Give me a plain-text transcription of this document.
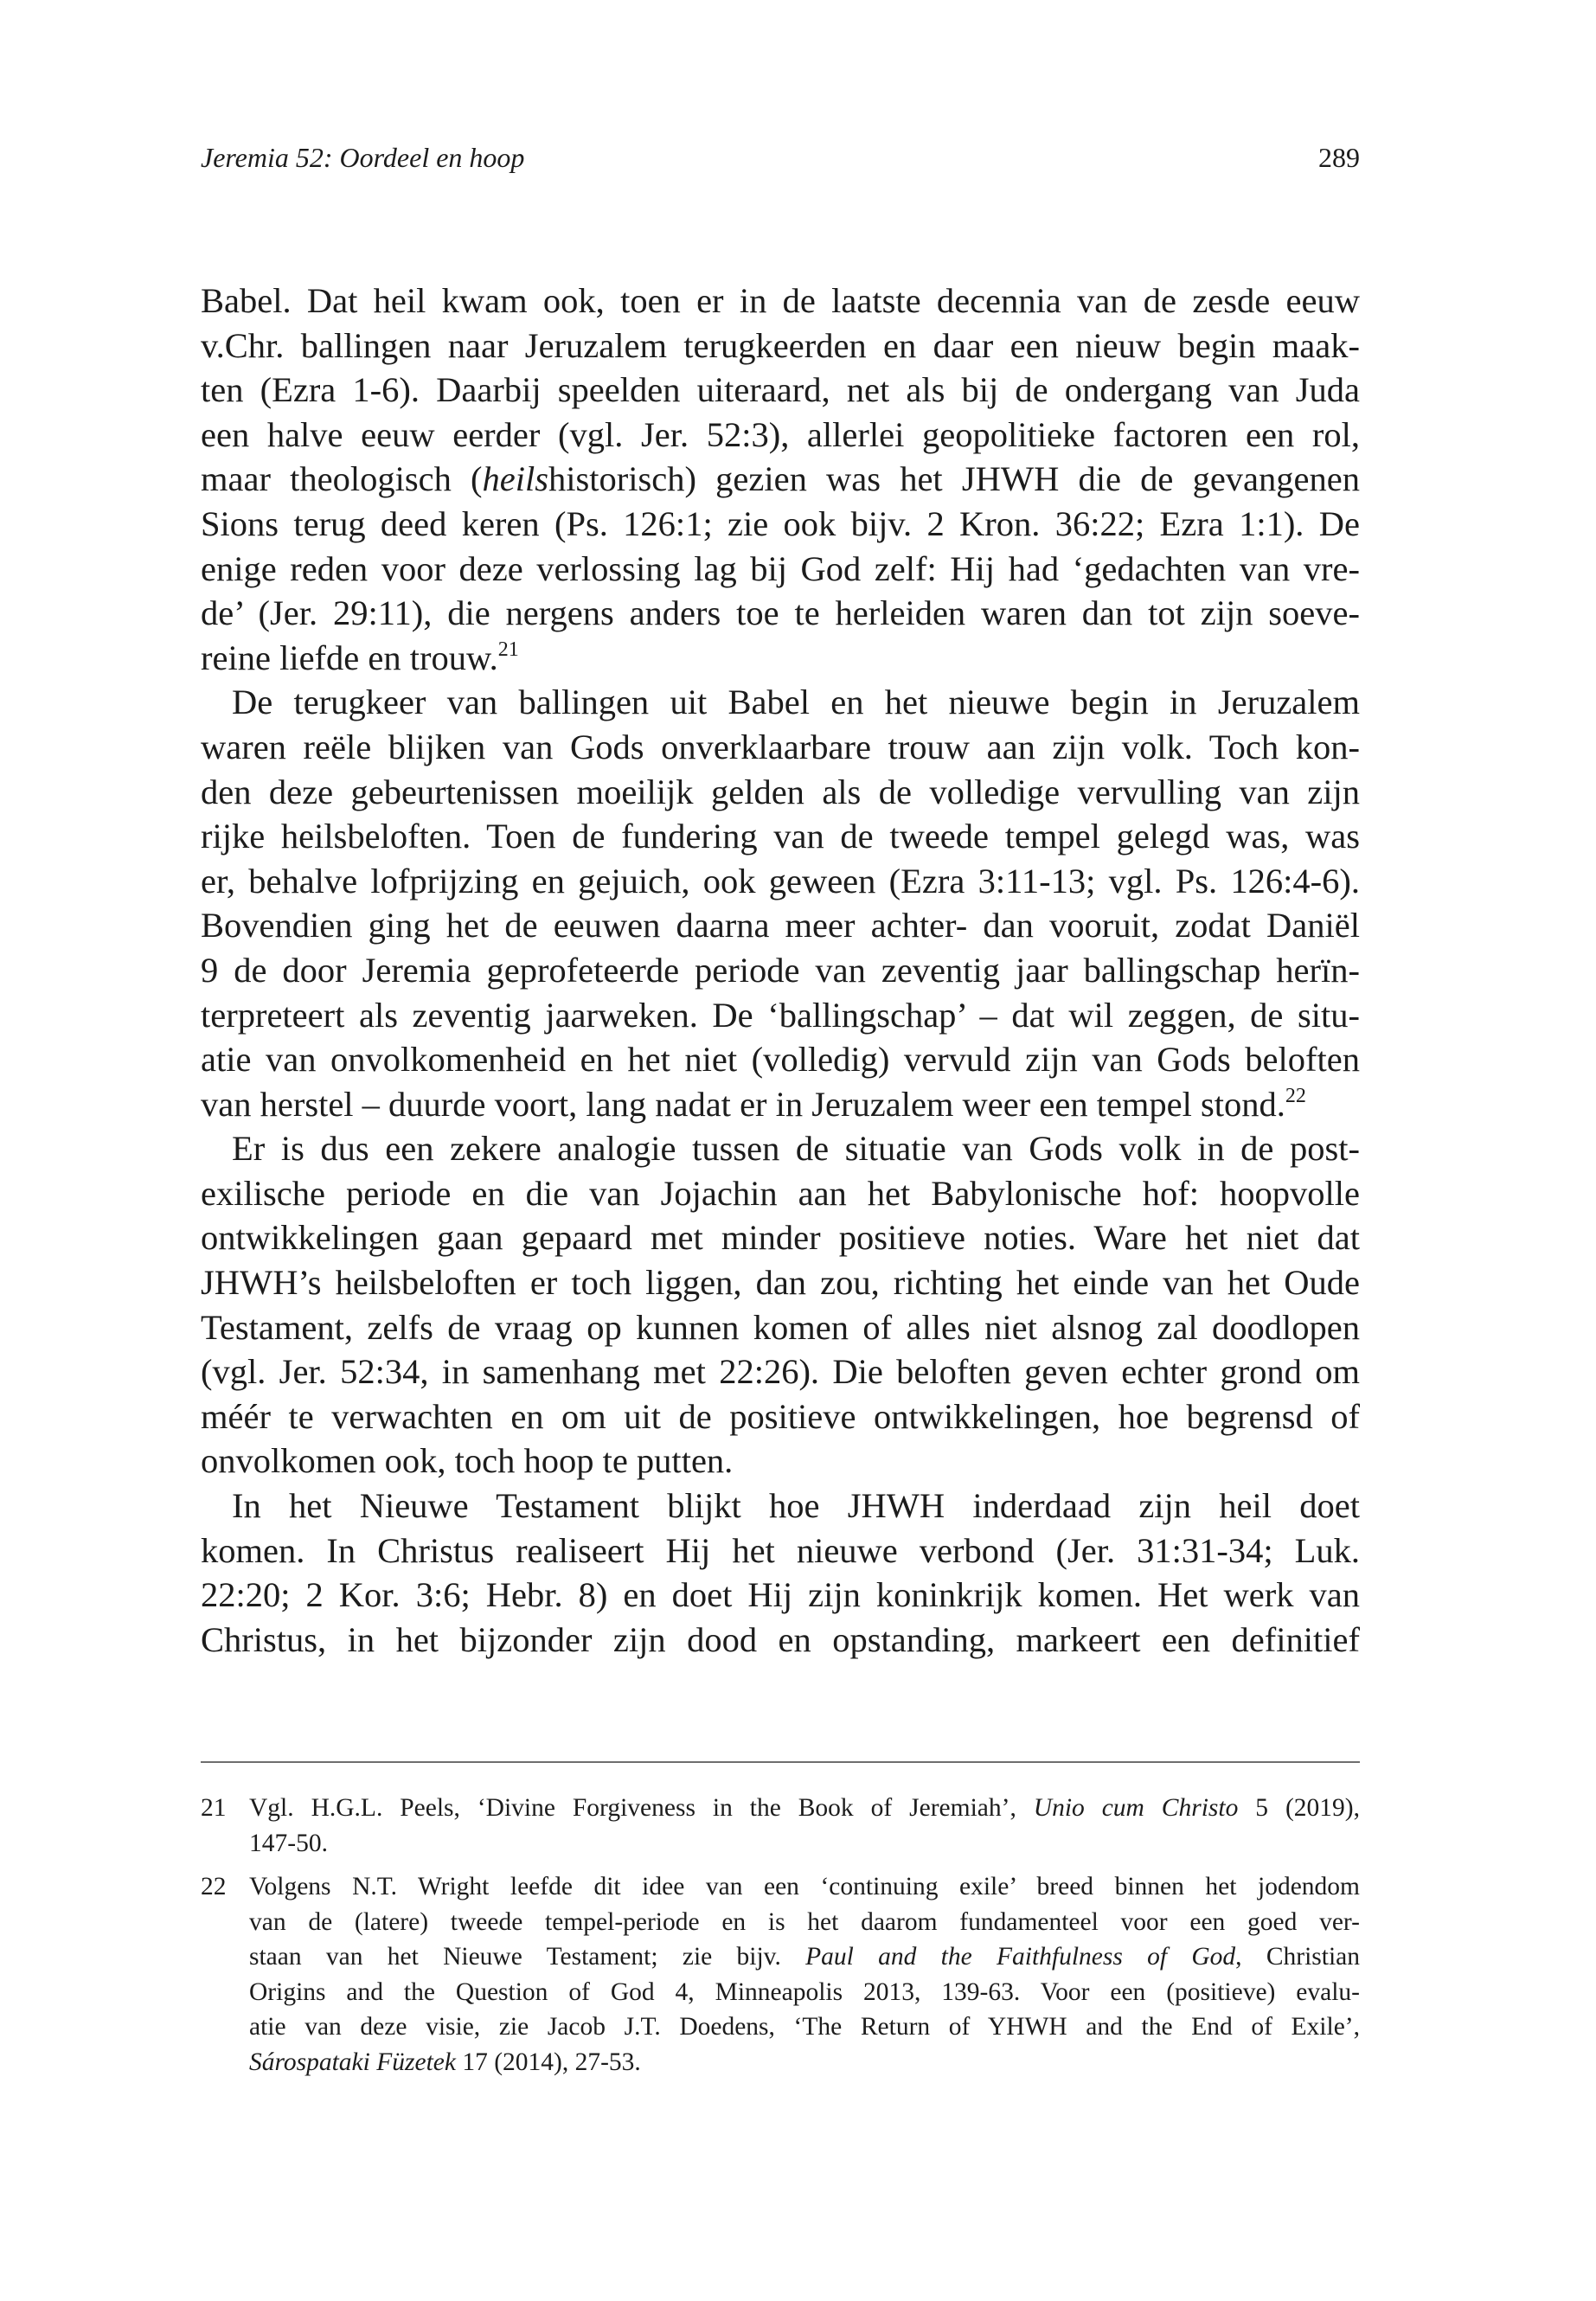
Jeremia 52: Oordeel en hoop	289

Babel. Dat heil kwam ook, toen er in de laatste decennia van de zesde eeuw
v.Chr. ballingen naar Jeruzalem terugkeerden en daar een nieuw begin maak-
ten (Ezra 1-6). Daarbij speelden uiteraard, net als bij de ondergang van Juda
een halve eeuw eerder (vgl. Jer. 52:3), allerlei geopolitieke factoren een rol,
maar theologisch (heilshistorisch) gezien was het JHWH die de gevangenen
Sions terug deed keren (Ps. 126:1; zie ook bijv. 2 Kron. 36:22; Ezra 1:1). De
enige reden voor deze verlossing lag bij God zelf: Hij had ‘gedachten van vre-
de’ (Jer. 29:11), die nergens anders toe te herleiden waren dan tot zijn soeve-
reine liefde en trouw.$^{21}$

De terugkeer van ballingen uit Babel en het nieuwe begin in Jeruzalem
waren reële blijken van Gods onverklaarbare trouw aan zijn volk. Toch kon-
den deze gebeurtenissen moeilijk gelden als de volledige vervulling van zijn
rijke heilsbeloften. Toen de fundering van de tweede tempel gelegd was, was
er, behalve lofprijzing en gejuich, ook geween (Ezra 3:11-13; vgl. Ps. 126:4-6).
Bovendien ging het de eeuwen daarna meer achter- dan vooruit, zodat Daniël
9 de door Jeremia geprofeteerde periode van zeventig jaar ballingschap herïn-
terpreteert als zeventig jaarweken. De ‘ballingschap’ – dat wil zeggen, de situ-
atie van onvolkomenheid en het niet (volledig) vervuld zijn van Gods beloften
van herstel – duurde voort, lang nadat er in Jeruzalem weer een tempel stond.$^{22}$

Er is dus een zekere analogie tussen de situatie van Gods volk in de post-
exilische periode en die van Jojachin aan het Babylonische hof: hoopvolle
ontwikkelingen gaan gepaard met minder positieve noties. Ware het niet dat
JHWH’s heilsbeloften er toch liggen, dan zou, richting het einde van het Oude
Testament, zelfs de vraag op kunnen komen of alles niet alsnog zal doodlopen
(vgl. Jer. 52:34, in samenhang met 22:26). Die beloften geven echter grond om
méér te verwachten en om uit de positieve ontwikkelingen, hoe begrensd of
onvolkomen ook, toch hoop te putten.

In het Nieuwe Testament blijkt hoe JHWH inderdaad zijn heil doet
komen. In Christus realiseert Hij het nieuwe verbond (Jer. 31:31-34; Luk.
22:20; 2 Kor. 3:6; Hebr. 8) en doet Hij zijn koninkrijk komen. Het werk van
Christus, in het bijzonder zijn dood en opstanding, markeert een definitief

21 Vgl. H.G.L. Peels, ‘Divine Forgiveness in the Book of Jeremiah’, Unio cum Christo 5 (2019),
147-50.
22 Volgens N.T. Wright leefde dit idee van een ‘continuing exile’ breed binnen het jodendom
van de (latere) tweede tempel-periode en is het daarom fundamenteel voor een goed ver-
staan van het Nieuwe Testament; zie bijv. Paul and the Faithfulness of God, Christian
Origins and the Question of God 4, Minneapolis 2013, 139-63. Voor een (positieve) evalu-
atie van deze visie, zie Jacob J.T. Doedens, ‘The Return of YHWH and the End of Exile’,
Sárospataki Füzetek 17 (2014), 27-53.
